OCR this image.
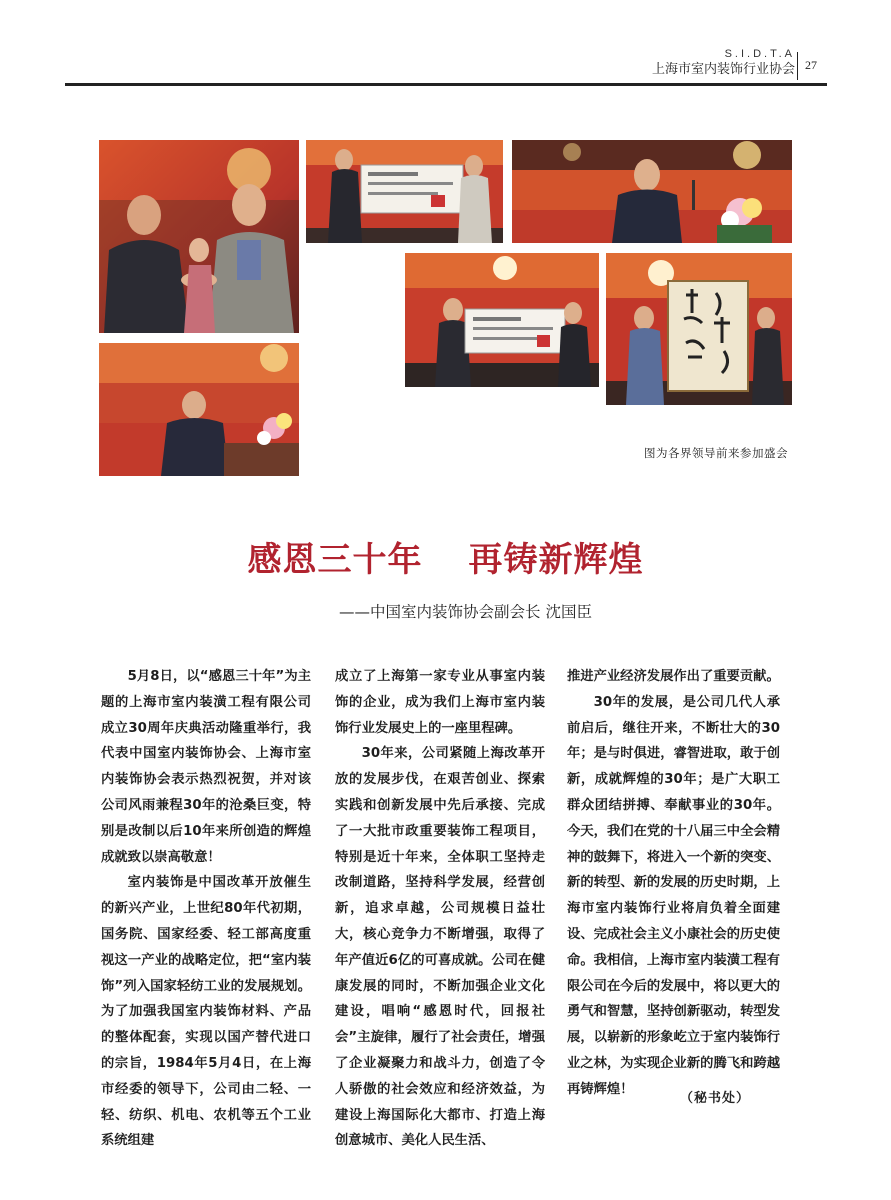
S.I.D.T.A
上海市室内装饰行业协会 27
图为各界领导前来参加盛会
感恩三十年 再铸新辉煌
——中国室内装饰协会副会长 沈国臣

5月8日，以“感恩三十年”为主题的上海市室内装潢工程有限公司成立30周年庆典活动隆重举行，我代表中国室内装饰协会、上海市室内装饰协会表示热烈祝贺，并对该公司风雨兼程30年的沧桑巨变，特别是改制以后10年来所创造的辉煌成就致以崇高敬意！

室内装饰是中国改革开放催生的新兴产业，上世纪80年代初期，国务院、国家经委、轻工部高度重视这一产业的战略定位，把“室内装饰”列入国家轻纺工业的发展规划。为了加强我国室内装饰材料、产品的整体配套，实现以国产替代进口的宗旨，1984年5月4日，在上海市经委的领导下，公司由二轻、一轻、纺织、机电、农机等五个工业系统组建

成立了上海第一家专业从事室内装饰的企业，成为我们上海市室内装饰行业发展史上的一座里程碑。

30年来，公司紧随上海改革开放的发展步伐，在艰苦创业、探索实践和创新发展中先后承接、完成了一大批市政重要装饰工程项目，特别是近十年来，全体职工坚持走改制道路，坚持科学发展，经营创新，追求卓越，公司规模日益壮大，核心竞争力不断增强，取得了年产值近6亿的可喜成就。公司在健康发展的同时，不断加强企业文化建设，唱响“感恩时代，回报社会”主旋律，履行了社会责任，增强了企业凝聚力和战斗力，创造了令人骄傲的社会效应和经济效益，为建设上海国际化大都市、打造上海创意城市、美化人民生活、

推进产业经济发展作出了重要贡献。

30年的发展，是公司几代人承前启后，继往开来，不断壮大的30年；是与时俱进，睿智进取，敢于创新，成就辉煌的30年；是广大职工群众团结拼搏、奉献事业的30年。今天，我们在党的十八届三中全会精神的鼓舞下，将进入一个新的突变、新的转型、新的发展的历史时期，上海市室内装饰行业将肩负着全面建设、完成社会主义小康社会的历史使命。我相信，上海市室内装潢工程有限公司在今后的发展中，将以更大的勇气和智慧，坚持创新驱动，转型发展，以崭新的形象屹立于室内装饰行业之林，为实现企业新的腾飞和跨越再铸辉煌！

（秘书处）
